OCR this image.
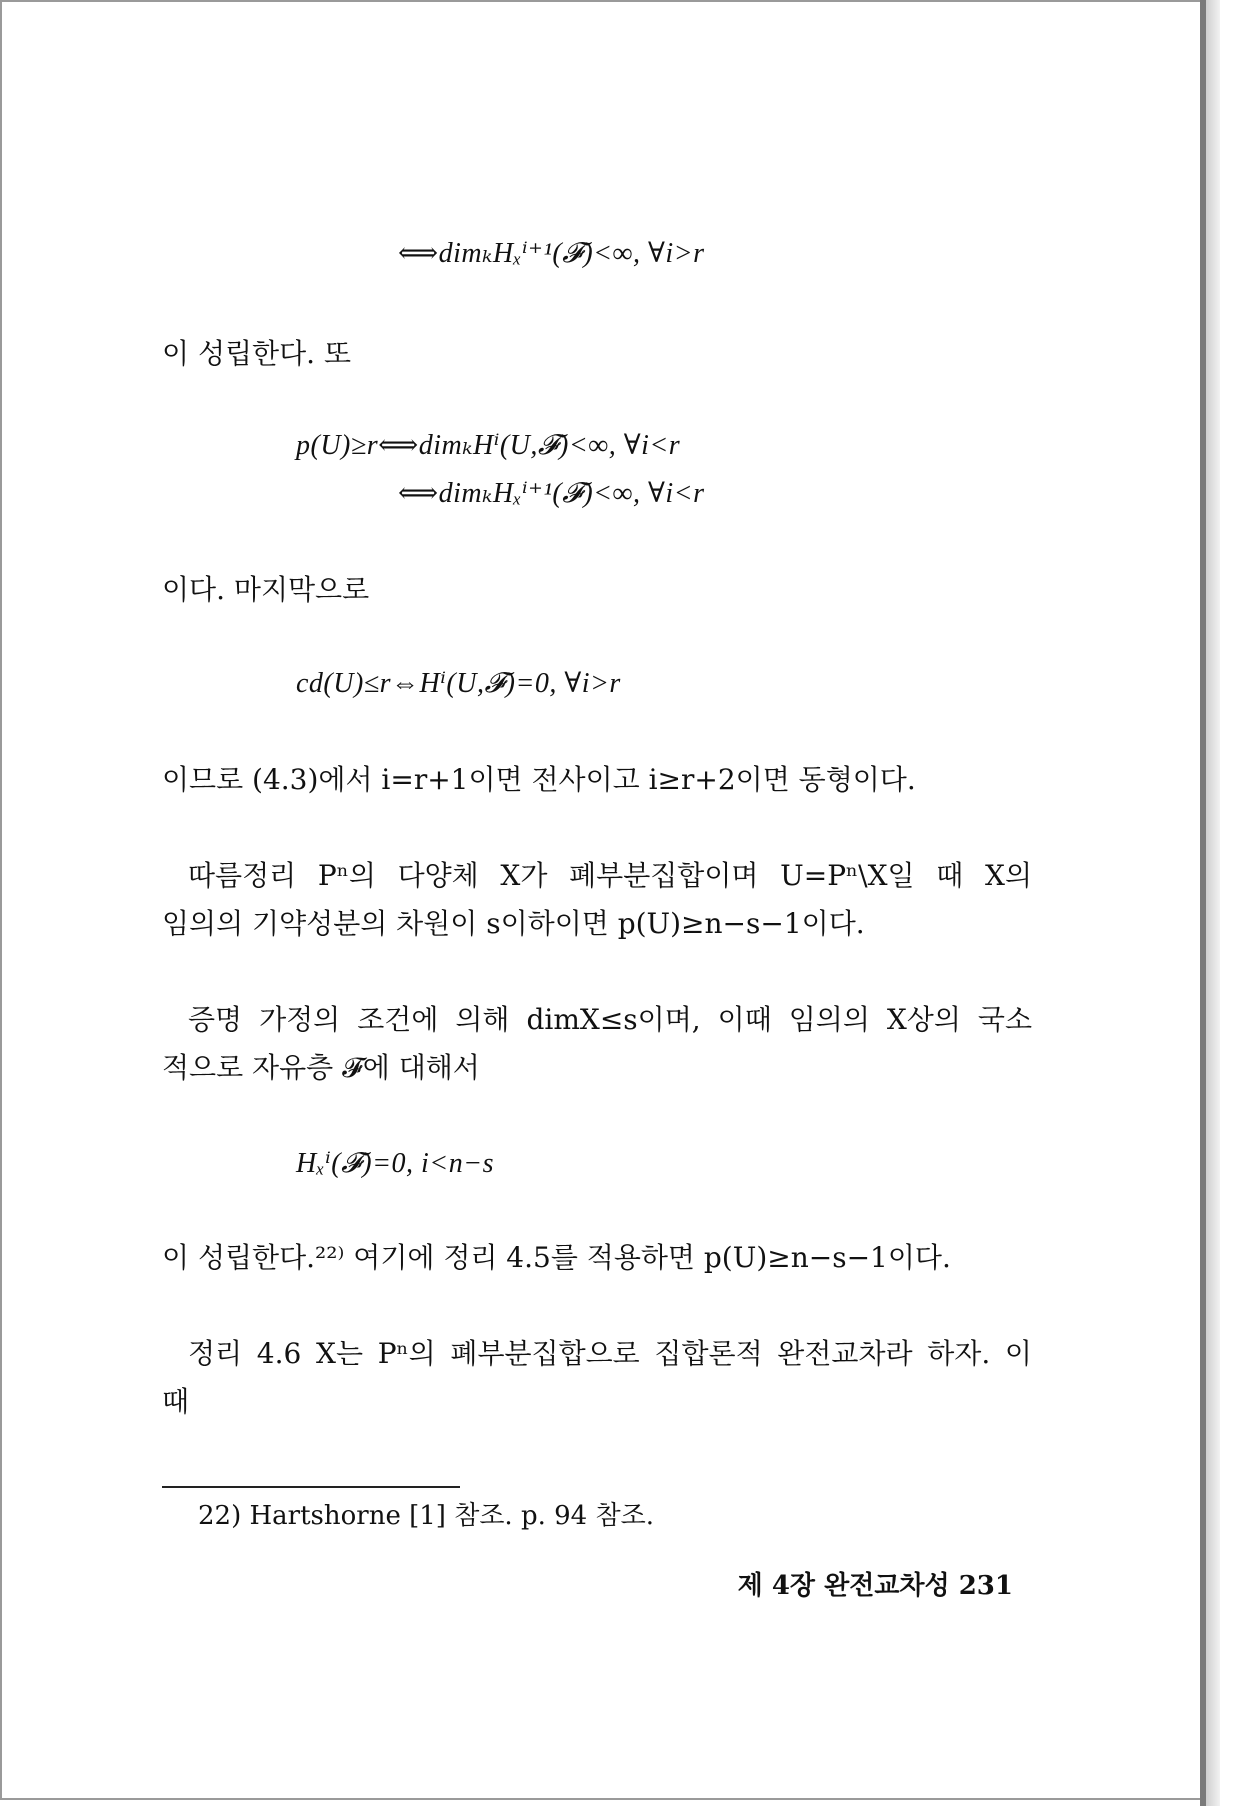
⟺dimₖHₓⁱ⁺¹(𝓕)<∞, ∀i>r
이 성립한다. 또
p(U)≥r⟺dimₖHⁱ(U,𝓕)<∞, ∀i<r
⟺dimₖHₓⁱ⁺¹(𝓕)<∞, ∀i<r
이다. 마지막으로
cd(U)≤r⇔Hⁱ(U,𝓕)=0, ∀i>r
이므로 (4.3)에서 i=r+1이면 전사이고 i≥r+2이면 동형이다.
따름정리 Pⁿ의 다양체 X가 폐부분집합이며 U=Pⁿ\X일 때 X의
임의의 기약성분의 차원이 s이하이면 p(U)≥n−s−1이다.
증명 가정의 조건에 의해 dimX≤s이며, 이때 임의의 X상의 국소
적으로 자유층 𝓕에 대해서
Hₓⁱ(𝓕)=0, i<n−s
이 성립한다.²²⁾ 여기에 정리 4.5를 적용하면 p(U)≥n−s−1이다.
정리 4.6 X는 Pⁿ의 폐부분집합으로 집합론적 완전교차라 하자. 이
때
22) Hartshorne [1] 참조. p. 94 참조.
제 4장 완전교차성 231
